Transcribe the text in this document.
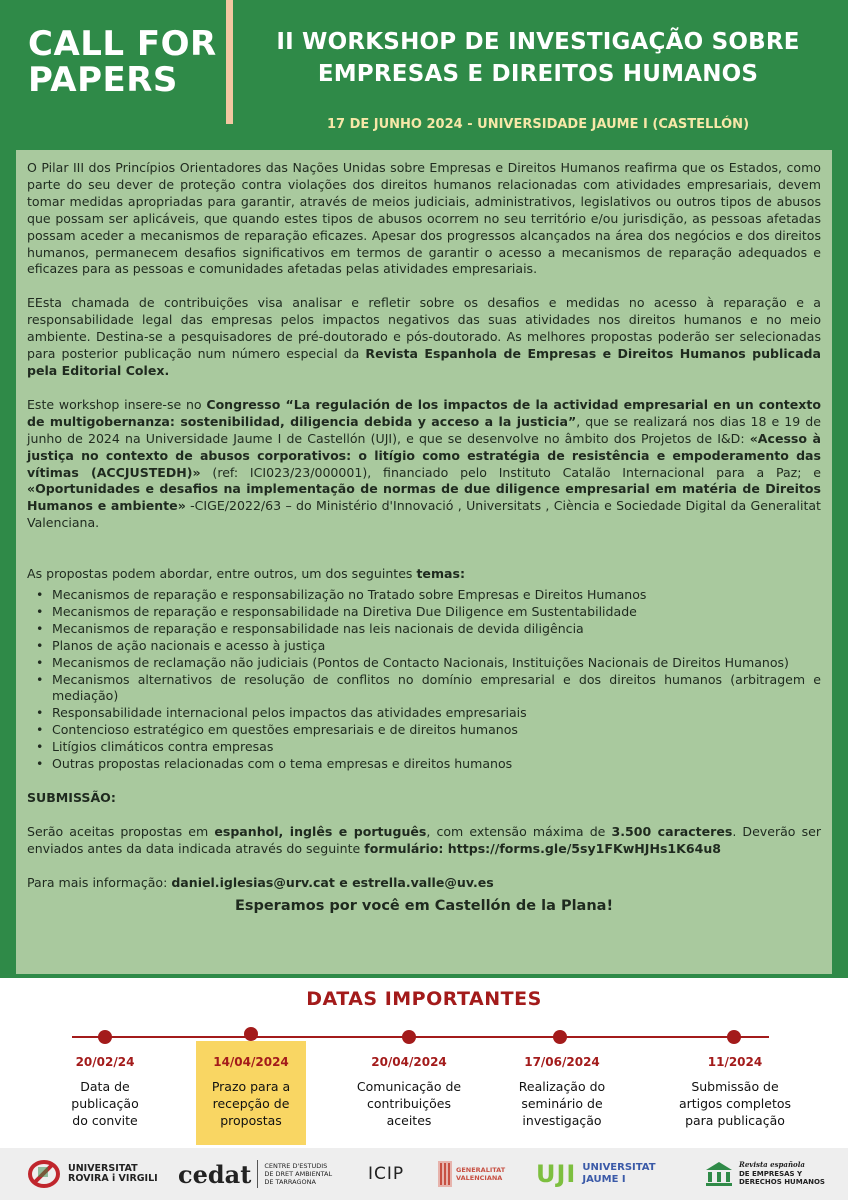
CALL FOR
PAPERS
II WORKSHOP DE INVESTIGAÇÃO SOBRE
EMPRESAS E DIREITOS HUMANOS
17 DE JUNHO 2024 - UNIVERSIDADE JAUME I (CASTELLÓN)

O Pilar III dos Princípios Orientadores das Nações Unidas sobre Empresas e Direitos Humanos reafirma que os Estados, como parte do seu dever de proteção contra violações dos direitos humanos relacionadas com atividades empresariais, devem tomar medidas apropriadas para garantir, através de meios judiciais, administrativos, legislativos ou outros tipos de abusos que possam ser aplicáveis, que quando estes tipos de abusos ocorrem no seu território e/ou jurisdição, as pessoas afetadas possam aceder a mecanismos de reparação eficazes. Apesar dos progressos alcançados na área dos negócios e dos direitos humanos, permanecem desafios significativos em termos de garantir o acesso a mecanismos de reparação adequados e eficazes para as pessoas e comunidades afetadas pelas atividades empresariais.

EEsta chamada de contribuições visa analisar e refletir sobre os desafios e medidas no acesso à reparação e a responsabilidade legal das empresas pelos impactos negativos das suas atividades nos direitos humanos e no meio ambiente. Destina-se a pesquisadores de pré-doutorado e pós-doutorado. As melhores propostas poderão ser selecionadas para posterior publicação num número especial da Revista Espanhola de Empresas e Direitos Humanos publicada pela Editorial Colex.

Este workshop insere-se no Congresso “La regulación de los impactos de la actividad empresarial en un contexto de multigobernanza: sostenibilidad, diligencia debida y acceso a la justicia”, que se realizará nos dias 18 e 19 de junho de 2024 na Universidade Jaume I de Castellón (UJI), e que se desenvolve no âmbito dos Projetos de I&D: «Acesso à justiça no contexto de abusos corporativos: o litígio como estratégia de resistência e empoderamento das vítimas (ACCJUSTEDH)» (ref: ICI023/23/000001), financiado pelo Instituto Catalão Internacional para a Paz; e «Oportunidades e desafios na implementação de normas de due diligence empresarial em matéria de Direitos Humanos e ambiente» -CIGE/2022/63 – do Ministério d'Innovació , Universitats , Ciència e Sociedade Digital da Generalitat Valenciana.

As propostas podem abordar, entre outros, um dos seguintes temas:

• Mecanismos de reparação e responsabilização no Tratado sobre Empresas e Direitos Humanos
• Mecanismos de reparação e responsabilidade na Diretiva Due Diligence em Sustentabilidade
• Mecanismos de reparação e responsabilidade nas leis nacionais de devida diligência
• Planos de ação nacionais e acesso à justiça
• Mecanismos de reclamação não judiciais (Pontos de Contacto Nacionais, Instituições Nacionais de Direitos Humanos)
• Mecanismos alternativos de resolução de conflitos no domínio empresarial e dos direitos humanos (arbitragem e mediação)
• Responsabilidade internacional pelos impactos das atividades empresariais
• Contencioso estratégico em questões empresariais e de direitos humanos
• Litígios climáticos contra empresas
• Outras propostas relacionadas com o tema empresas e direitos humanos

SUBMISSÃO:

Serão aceitas propostas em espanhol, inglês e português, com extensão máxima de 3.500 caracteres. Deverão ser enviados antes da data indicada através do seguinte formulário: https://forms.gle/5sy1FKwHJHs1K64u8

Para mais informação: daniel.iglesias@urv.cat e estrella.valle@uv.es

Esperamos por você em Castellón de la Plana!
DATAS IMPORTANTES
20/02/24
Data de publicação do convite
14/04/2024
Prazo para a recepção de propostas
20/04/2024
Comunicação de contribuições aceites
17/06/2024
Realização do seminário de investigação
11/2024
Submissão de artigos completos para publicação
UNIVERSITAT
ROVIRA i VIRGILI cedat CENTRE D'ESTUDIS
DE DRET AMBIENTAL
DE TARRAGONA	ICIP	GENERALITAT
VALENCIANA UJI UNIVERSITAT
JAUME I
Revista española
DE EMPRESAS Y
DERECHOS HUMANOS
